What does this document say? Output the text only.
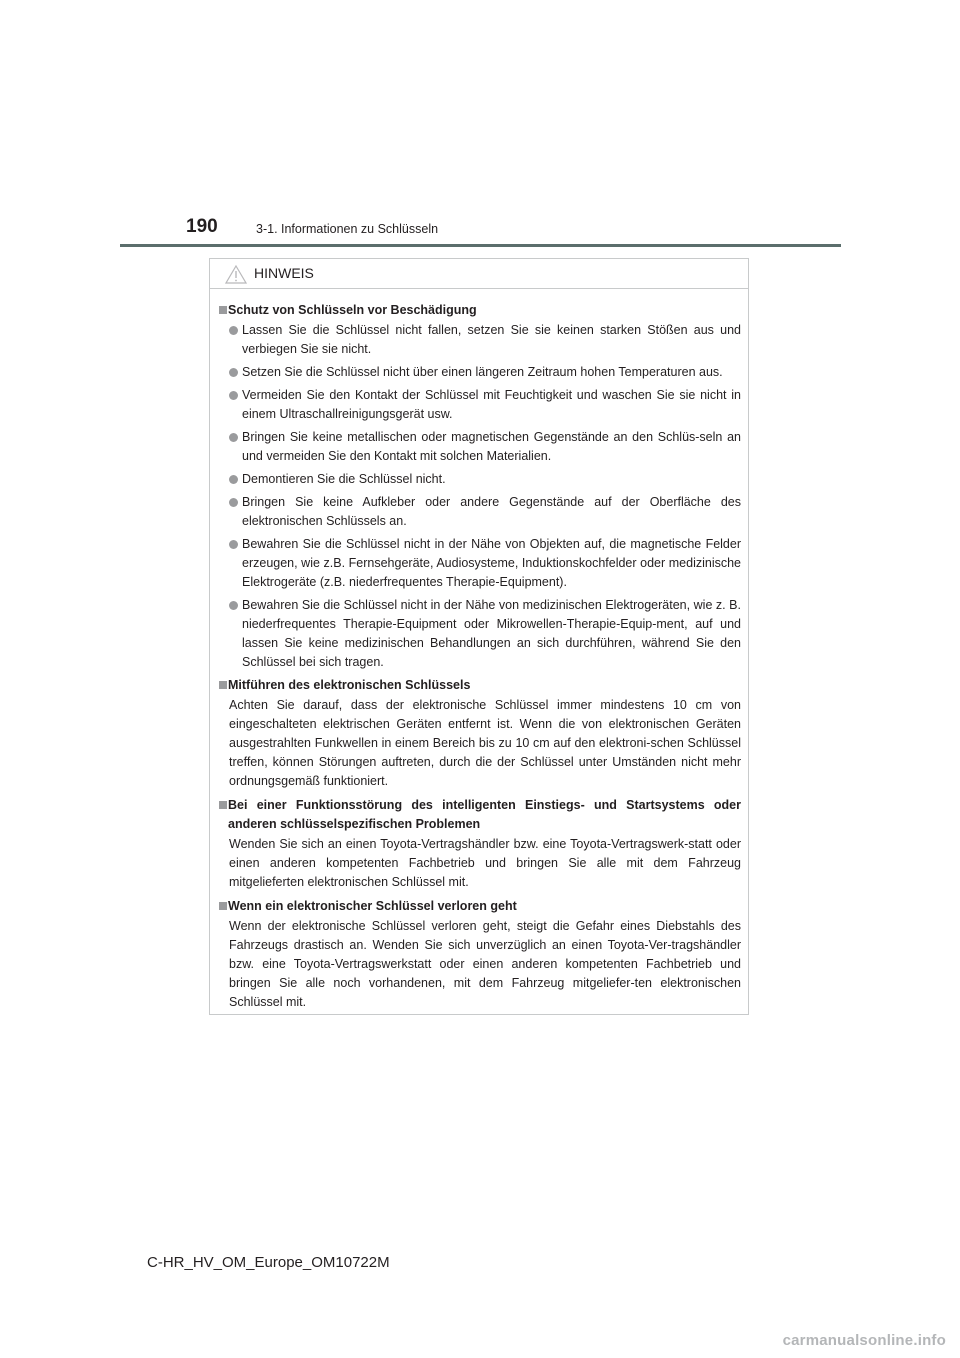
190	3-1. Informationen zu Schlüsseln
HINWEIS
Schutz von Schlüsseln vor Beschädigung
Lassen Sie die Schlüssel nicht fallen, setzen Sie sie keinen starken Stößen aus und verbiegen Sie sie nicht.
Setzen Sie die Schlüssel nicht über einen längeren Zeitraum hohen Temperaturen aus.
Vermeiden Sie den Kontakt der Schlüssel mit Feuchtigkeit und waschen Sie sie nicht in einem Ultraschallreinigungsgerät usw.
Bringen Sie keine metallischen oder magnetischen Gegenstände an den Schlüs-seln an und vermeiden Sie den Kontakt mit solchen Materialien.
Demontieren Sie die Schlüssel nicht.
Bringen Sie keine Aufkleber oder andere Gegenstände auf der Oberfläche des elektronischen Schlüssels an.
Bewahren Sie die Schlüssel nicht in der Nähe von Objekten auf, die magnetische Felder erzeugen, wie z.B. Fernsehgeräte, Audiosysteme, Induktionskochfelder oder medizinische Elektrogeräte (z.B. niederfrequentes Therapie-Equipment).
Bewahren Sie die Schlüssel nicht in der Nähe von medizinischen Elektrogeräten, wie z. B. niederfrequentes Therapie-Equipment oder Mikrowellen-Therapie-Equip-ment, auf und lassen Sie keine medizinischen Behandlungen an sich durchführen, während Sie den Schlüssel bei sich tragen.
Mitführen des elektronischen Schlüssels
Achten Sie darauf, dass der elektronische Schlüssel immer mindestens 10 cm von eingeschalteten elektrischen Geräten entfernt ist. Wenn die von elektronischen Geräten ausgestrahlten Funkwellen in einem Bereich bis zu 10 cm auf den elektroni-schen Schlüssel treffen, können Störungen auftreten, durch die der Schlüssel unter Umständen nicht mehr ordnungsgemäß funktioniert.
Bei einer Funktionsstörung des intelligenten Einstiegs- und Startsystems oder anderen schlüsselspezifischen Problemen
Wenden Sie sich an einen Toyota-Vertragshändler bzw. eine Toyota-Vertragswerk-statt oder einen anderen kompetenten Fachbetrieb und bringen Sie alle mit dem Fahrzeug mitgelieferten elektronischen Schlüssel mit.
Wenn ein elektronischer Schlüssel verloren geht
Wenn der elektronische Schlüssel verloren geht, steigt die Gefahr eines Diebstahls des Fahrzeugs drastisch an. Wenden Sie sich unverzüglich an einen Toyota-Ver-tragshändler bzw. eine Toyota-Vertragswerkstatt oder einen anderen kompetenten Fachbetrieb und bringen Sie alle noch vorhandenen, mit dem Fahrzeug mitgeliefer-ten elektronischen Schlüssel mit.
C-HR_HV_OM_Europe_OM10722M
carmanualsonline.info
